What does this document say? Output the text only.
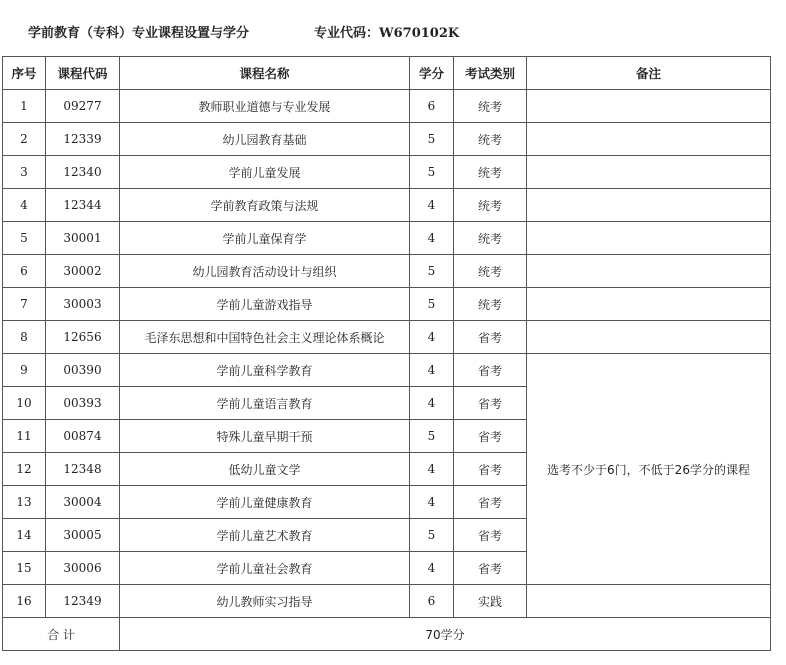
学前教育（专科）专业课程设置与学分	专业代码：W670102K
序号	课程代码	课程名称	学分	考试类别	备注
1	09277	教师职业道德与专业发展	6	统考	
2	12339	幼儿园教育基础	5	统考	
3	12340	学前儿童发展	5	统考	
4	12344	学前教育政策与法规	4	统考	
5	30001	学前儿童保育学	4	统考	
6	30002	幼儿园教育活动设计与组织	5	统考	
7	30003	学前儿童游戏指导	5	统考	
8	12656	毛泽东思想和中国特色社会主义理论体系概论	4	省考	
9	00390	学前儿童科学教育	4	省考	选考不少于6门，不低于26学分的课程
10	00393	学前儿童语言教育	4	省考	
11	00874	特殊儿童早期干预	5	省考	
12	12348	低幼儿童文学	4	省考	
13	30004	学前儿童健康教育	4	省考	
14	30005	学前儿童艺术教育	5	省考	
15	30006	学前儿童社会教育	4	省考	
16	12349	幼儿教师实习指导	6	实践	
合 计		70学分			
